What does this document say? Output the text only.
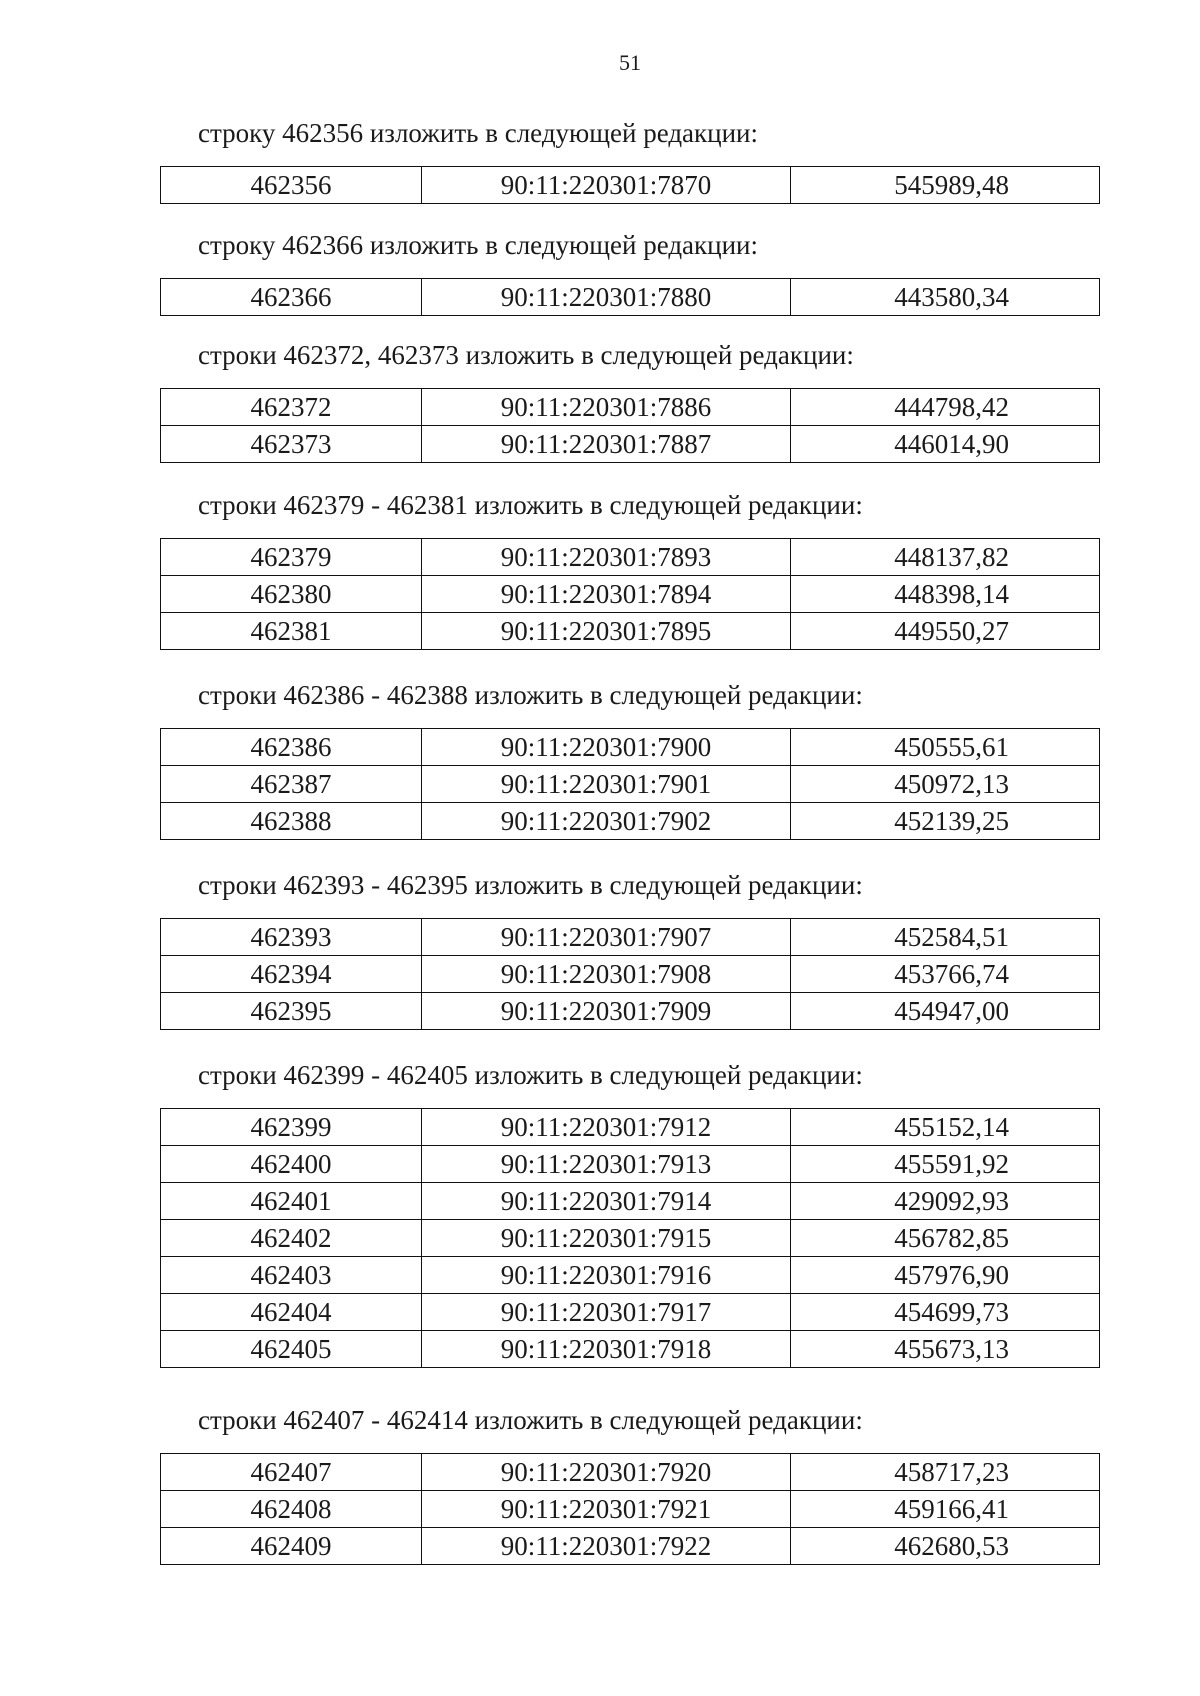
51
строку 462356 изложить в следующей редакции:
462356	90:11:220301:7870	545989,48
строку 462366 изложить в следующей редакции:
462366	90:11:220301:7880	443580,34
строки 462372, 462373 изложить в следующей редакции:
462372	90:11:220301:7886	444798,42
462373	90:11:220301:7887	446014,90
строки 462379 - 462381 изложить в следующей редакции:
462379	90:11:220301:7893	448137,82
462380	90:11:220301:7894	448398,14
462381	90:11:220301:7895	449550,27
строки 462386 - 462388 изложить в следующей редакции:
462386	90:11:220301:7900	450555,61
462387	90:11:220301:7901	450972,13
462388	90:11:220301:7902	452139,25
строки 462393 - 462395 изложить в следующей редакции:
462393	90:11:220301:7907	452584,51
462394	90:11:220301:7908	453766,74
462395	90:11:220301:7909	454947,00
строки 462399 - 462405 изложить в следующей редакции:
462399	90:11:220301:7912	455152,14
462400	90:11:220301:7913	455591,92
462401	90:11:220301:7914	429092,93
462402	90:11:220301:7915	456782,85
462403	90:11:220301:7916	457976,90
462404	90:11:220301:7917	454699,73
462405	90:11:220301:7918	455673,13
строки 462407 - 462414 изложить в следующей редакции:
462407	90:11:220301:7920	458717,23
462408	90:11:220301:7921	459166,41
462409	90:11:220301:7922	462680,53
